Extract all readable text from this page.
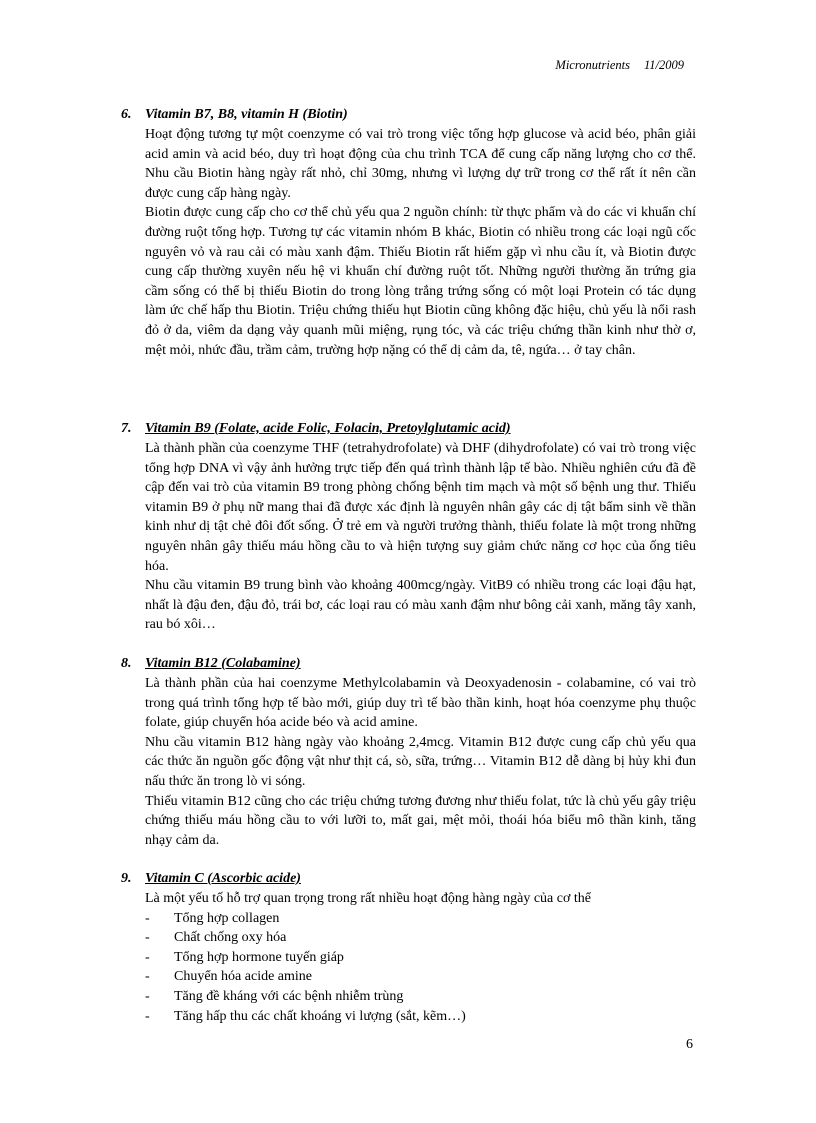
Micronutrients 11/2009
6. Vitamin B7, B8, vitamin H (Biotin)

Hoạt động tương tự một coenzyme có vai trò trong việc tổng hợp glucose và acid béo, phân giải acid amin và acid béo, duy trì hoạt động của chu trình TCA để cung cấp năng lượng cho cơ thể. Nhu cầu Biotin hàng ngày rất nhỏ, chỉ 30mg, nhưng vì lượng dự trữ trong cơ thể rất ít nên cần được cung cấp hàng ngày.

Biotin được cung cấp cho cơ thể chủ yếu qua 2 nguồn chính: từ thực phẩm và do các vi khuẩn chí đường ruột tổng hợp. Tương tự các vitamin nhóm B khác, Biotin có nhiều trong các loại ngũ cốc nguyên vỏ và rau cải có màu xanh đậm. Thiếu Biotin rất hiếm gặp vì nhu cầu ít, và Biotin được cung cấp thường xuyên nếu hệ vi khuẩn chí đường ruột tốt. Những người thường ăn trứng gia cầm sống có thể bị thiếu Biotin do trong lòng trắng trứng sống có một loại Protein có tác dụng làm ức chế hấp thu Biotin. Triệu chứng thiếu hụt Biotin cũng không đặc hiệu, chủ yếu là nổi rash đỏ ở da, viêm da dạng vảy quanh mũi miệng, rụng tóc, và các triệu chứng thần kinh như thờ ơ, mệt mỏi, nhức đầu, trầm cảm, trường hợp nặng có thể dị cảm da, tê, ngứa… ở tay chân.

7. Vitamin B9 (Folate, acide Folic, Folacin, Pretoylglutamic acid)

Là thành phần của coenzyme THF (tetrahydrofolate) và DHF (dihydrofolate) có vai trò trong việc tổng hợp DNA vì vậy ảnh hưởng trực tiếp đến quá trình thành lập tế bào. Nhiều nghiên cứu đã đề cập đến vai trò của vitamin B9 trong phòng chống bệnh tim mạch và một số bệnh ung thư. Thiếu vitamin B9 ở phụ nữ mang thai đã được xác định là nguyên nhân gây các dị tật bẩm sinh về thần kinh như dị tật chẻ đôi đốt sống. Ở trẻ em và người trưởng thành, thiếu folate là một trong những nguyên nhân gây thiếu máu hồng cầu to và hiện tượng suy giảm chức năng cơ học của ống tiêu hóa.

Nhu cầu vitamin B9 trung bình vào khoảng 400mcg/ngày. VitB9 có nhiều trong các loại đậu hạt, nhất là đậu đen, đậu đỏ, trái bơ, các loại rau có màu xanh đậm như bông cải xanh, măng tây xanh, rau bó xôi…

8. Vitamin B12 (Colabamine)

Là thành phần của hai coenzyme Methylcolabamin và Deoxyadenosin - colabamine, có vai trò trong quá trình tổng hợp tế bào mới, giúp duy trì tế bào thần kinh, hoạt hóa coenzyme phụ thuộc folate, giúp chuyển hóa acide béo và acid amine.

Nhu cầu vitamin B12 hàng ngày vào khoảng 2,4mcg. Vitamin B12 được cung cấp chủ yếu qua các thức ăn nguồn gốc động vật như thịt cá, sò, sữa, trứng… Vitamin B12 dễ dàng bị hủy khi đun nấu thức ăn trong lò vi sóng.

Thiếu vitamin B12 cũng cho các triệu chứng tương đương như thiếu folat, tức là chủ yếu gây triệu chứng thiếu máu hồng cầu to với lưỡi to, mất gai, mệt mỏi, thoái hóa biểu mô thần kinh, tăng nhạy cảm da.

9. Vitamin C (Ascorbic acide)

Là một yếu tố hỗ trợ quan trọng trong rất nhiều hoạt động hàng ngày của cơ thể

- Tổng hợp collagen
- Chất chống oxy hóa
- Tổng hợp hormone tuyến giáp
- Chuyển hóa acide amine
- Tăng đề kháng với các bệnh nhiễm trùng
- Tăng hấp thu các chất khoáng vi lượng (sắt, kẽm…)
6
